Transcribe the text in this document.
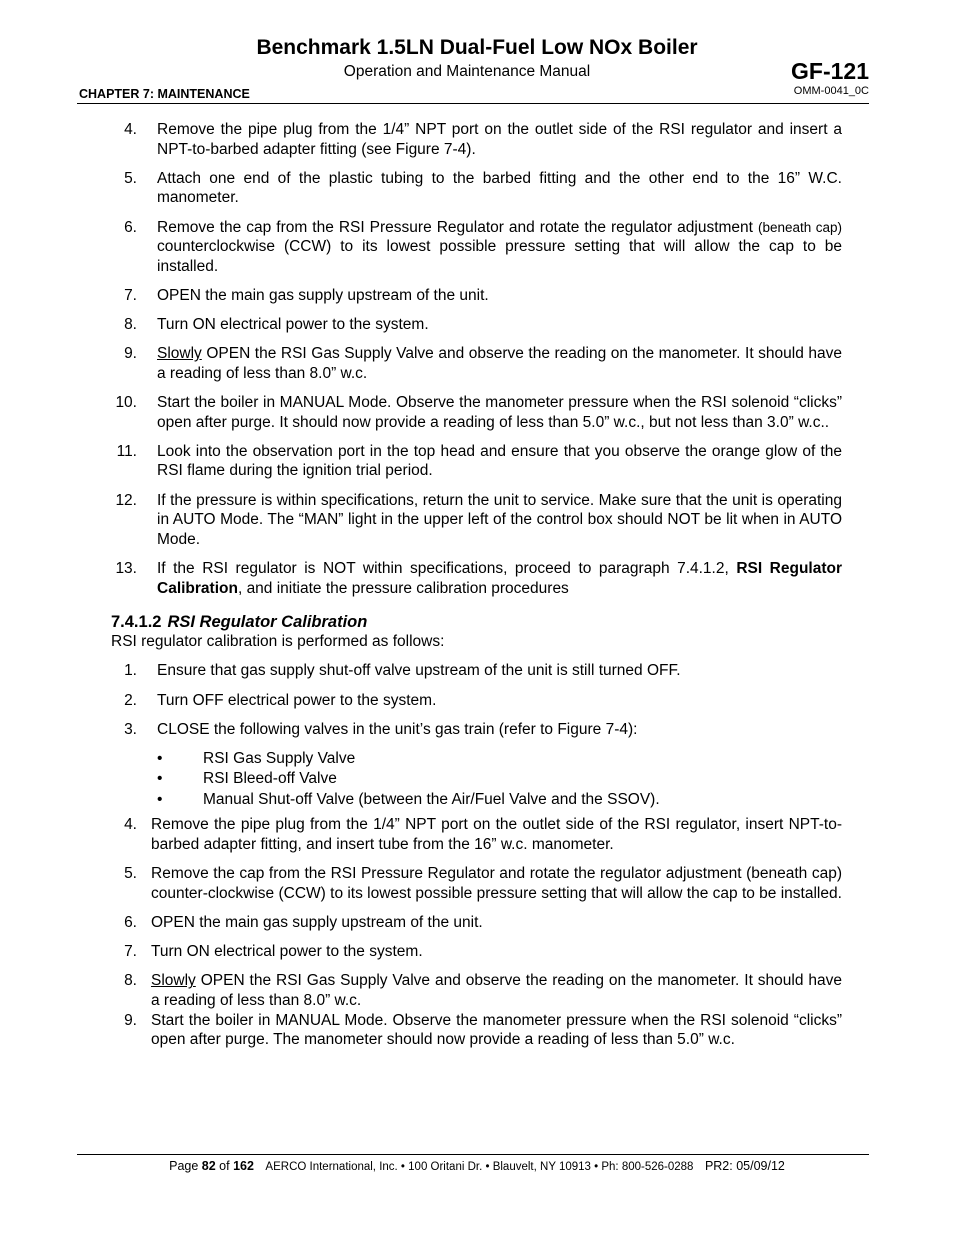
Benchmark 1.5LN Dual-Fuel Low NOx Boiler
Operation and Maintenance Manual	GF-121
CHAPTER 7: MAINTENANCE	OMM-0041_0C
4.	Remove the pipe plug from the 1/4” NPT port on the outlet side of the RSI regulator and insert a NPT-to-barbed adapter fitting (see Figure 7-4).
5.	Attach one end of the plastic tubing to the barbed fitting and the other end to the 16” W.C. manometer.
6.	Remove the cap from the RSI Pressure Regulator and rotate the regulator adjustment (beneath cap) counterclockwise (CCW) to its lowest possible pressure setting that will allow the cap to be installed.
7.	OPEN the main gas supply upstream of the unit.
8.	Turn ON electrical power to the system.
9.	Slowly OPEN the RSI Gas Supply Valve and observe the reading on the manometer. It should have a reading of less than 8.0” w.c.
10.	Start the boiler in MANUAL Mode. Observe the manometer pressure when the RSI solenoid “clicks” open after purge. It should now provide a reading of less than 5.0” w.c., but not less than 3.0” w.c..
11.	Look into the observation port in the top head and ensure that you observe the orange glow of the RSI flame during the ignition trial period.
12.	If the pressure is within specifications, return the unit to service. Make sure that the unit is operating in AUTO Mode. The “MAN” light in the upper left of the control box should NOT be lit when in AUTO Mode.
13.	If the RSI regulator is NOT within specifications, proceed to paragraph 7.4.1.2, RSI Regulator Calibration, and initiate the pressure calibration procedures
7.4.1.2 RSI Regulator Calibration
RSI regulator calibration is performed as follows:
1.	Ensure that gas supply shut-off valve upstream of the unit is still turned OFF.
2.	Turn OFF electrical power to the system.
3.	CLOSE the following valves in the unit’s gas train (refer to Figure 7-4):
•	RSI Gas Supply Valve
•	RSI Bleed-off Valve
•	Manual Shut-off Valve (between the Air/Fuel Valve and the SSOV).
4. Remove the pipe plug from the 1/4” NPT port on the outlet side of the RSI regulator, insert NPT-to-barbed adapter fitting, and insert tube from the 16” w.c. manometer.
5. Remove the cap from the RSI Pressure Regulator and rotate the regulator adjustment (beneath cap) counter-clockwise (CCW) to its lowest possible pressure setting that will allow the cap to be installed.
6. OPEN the main gas supply upstream of the unit.
7. Turn ON electrical power to the system.
8. Slowly OPEN the RSI Gas Supply Valve and observe the reading on the manometer. It should have a reading of less than 8.0” w.c.
9. Start the boiler in MANUAL Mode. Observe the manometer pressure when the RSI solenoid “clicks” open after purge. The manometer should now provide a reading of less than 5.0” w.c.
Page 82 of 162 AERCO International, Inc. • 100 Oritani Dr. • Blauvelt, NY 10913 • Ph: 800-526-0288 PR2: 05/09/12
